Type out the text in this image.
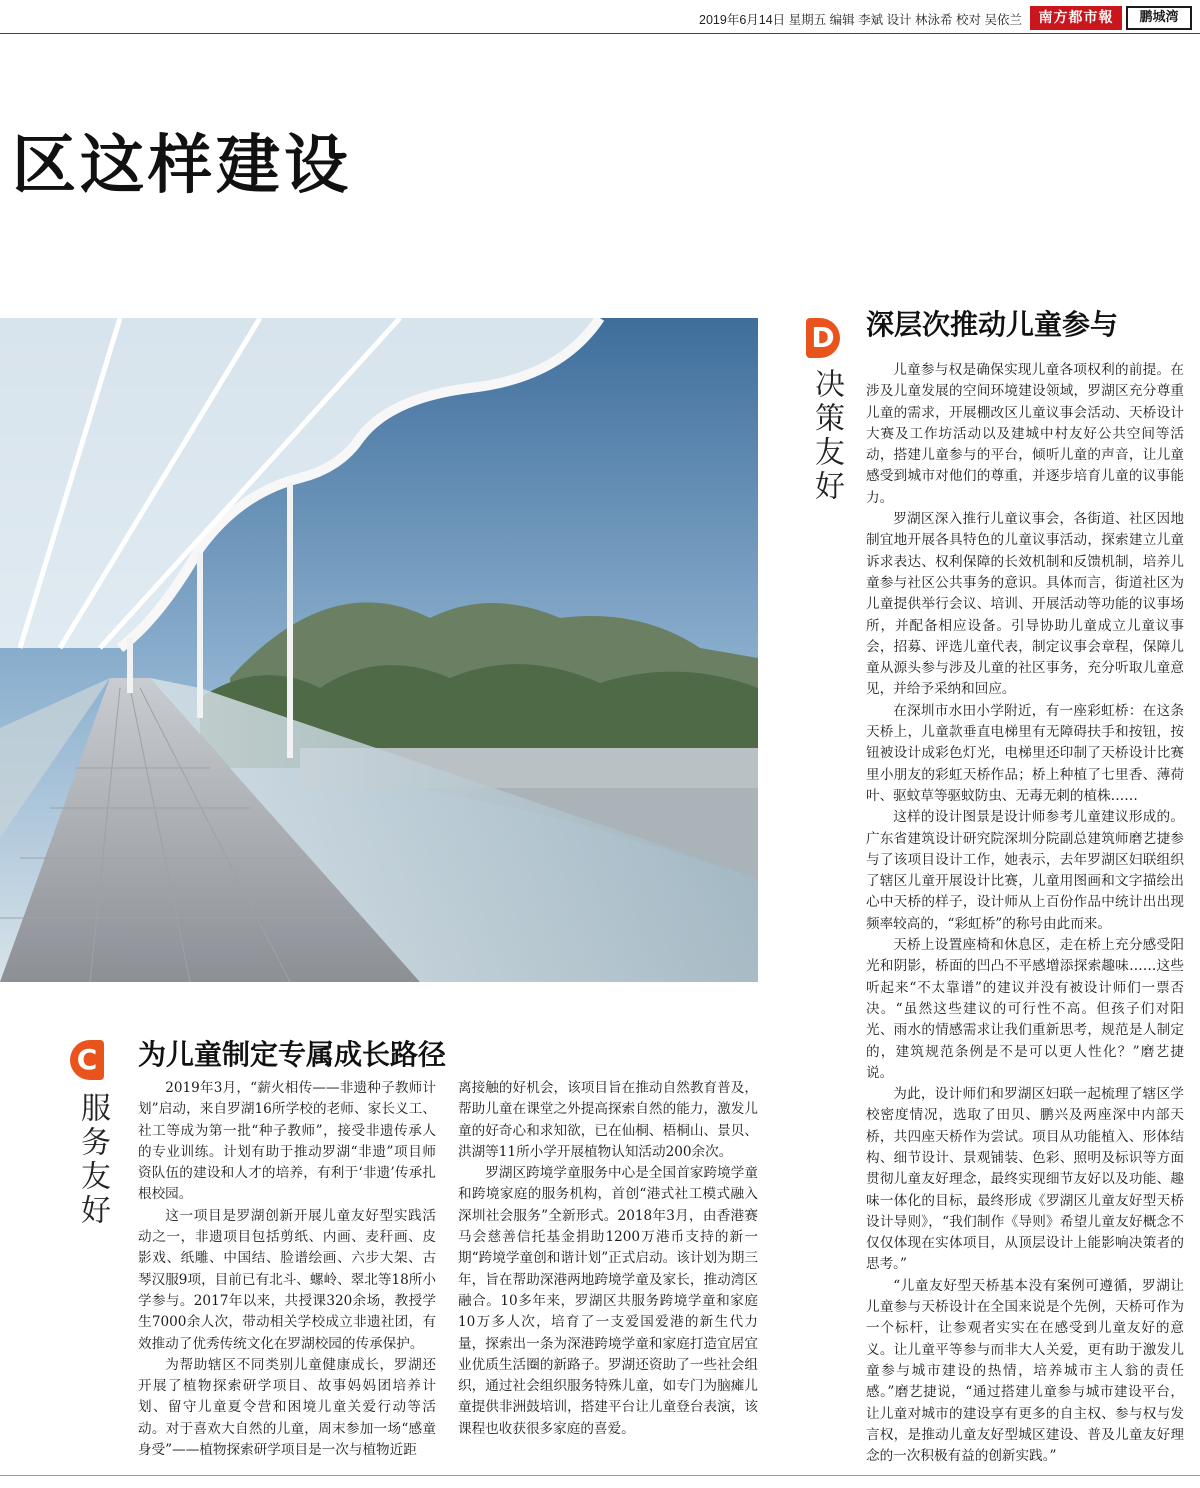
2019年6月14日 星期五 编辑 李斌 设计 林泳希 校对 吴依兰	南方都市報	鹏城湾
区这样建设
D
决策友好
深层次推动儿童参与

儿童参与权是确保实现儿童各项权利的前提。在涉及儿童发展的空间环境建设领域，罗湖区充分尊重儿童的需求，开展棚改区儿童议事会活动、天桥设计大赛及工作坊活动以及建城中村友好公共空间等活动，搭建儿童参与的平台，倾听儿童的声音，让儿童感受到城市对他们的尊重，并逐步培育儿童的议事能力。

罗湖区深入推行儿童议事会，各街道、社区因地制宜地开展各具特色的儿童议事活动，探索建立儿童诉求表达、权利保障的长效机制和反馈机制，培养儿童参与社区公共事务的意识。具体而言，街道社区为儿童提供举行会议、培训、开展活动等功能的议事场所，并配备相应设备。引导协助儿童成立儿童议事会，招募、评选儿童代表，制定议事会章程，保障儿童从源头参与涉及儿童的社区事务，充分听取儿童意见，并给予采纳和回应。

在深圳市水田小学附近，有一座彩虹桥：在这条天桥上，儿童款垂直电梯里有无障碍扶手和按钮，按钮被设计成彩色灯光，电梯里还印制了天桥设计比赛里小朋友的彩虹天桥作品；桥上种植了七里香、薄荷叶、驱蚊草等驱蚊防虫、无毒无刺的植株……

这样的设计图景是设计师参考儿童建议形成的。广东省建筑设计研究院深圳分院副总建筑师磨艺捷参与了该项目设计工作，她表示，去年罗湖区妇联组织了辖区儿童开展设计比赛，儿童用图画和文字描绘出心中天桥的样子，设计师从上百份作品中统计出出现频率较高的，“彩虹桥”的称号由此而来。

天桥上设置座椅和休息区，走在桥上充分感受阳光和阴影，桥面的凹凸不平感增添探索趣味……这些听起来“不太靠谱”的建议并没有被设计师们一票否决。“虽然这些建议的可行性不高。但孩子们对阳光、雨水的情感需求让我们重新思考，规范是人制定的，建筑规范条例是不是可以更人性化？”磨艺捷说。

为此，设计师们和罗湖区妇联一起梳理了辖区学校密度情况，选取了田贝、鹏兴及两座深中内部天桥，共四座天桥作为尝试。项目从功能植入、形体结构、细节设计、景观铺装、色彩、照明及标识等方面贯彻儿童友好理念，最终实现细节友好以及功能、趣味一体化的目标，最终形成《罗湖区儿童友好型天桥设计导则》，“我们制作《导则》希望儿童友好概念不仅仅体现在实体项目，从顶层设计上能影响决策者的思考。”

“儿童友好型天桥基本没有案例可遵循，罗湖让儿童参与天桥设计在全国来说是个先例，天桥可作为一个标杆，让参观者实实在在感受到儿童友好的意义。让儿童平等参与而非大人关爱，更有助于激发儿童参与城市建设的热情，培养城市主人翁的责任感。”磨艺捷说，“通过搭建儿童参与城市建设平台，让儿童对城市的建设享有更多的自主权、参与权与发言权，是推动儿童友好型城区建设、普及儿童友好理念的一次积极有益的创新实践。”

C
服务友好
为儿童制定专属成长路径

2019年3月，“薪火相传——非遗种子教师计划”启动，来自罗湖16所学校的老师、家长义工、社工等成为第一批“种子教师”，接受非遗传承人的专业训练。计划有助于推动罗湖“非遗”项目师资队伍的建设和人才的培养，有利于‘非遗’传承扎根校园。

这一项目是罗湖创新开展儿童友好型实践活动之一，非遗项目包括剪纸、内画、麦秆画、皮影戏、纸雕、中国结、脸谱绘画、六步大架、古琴汉服9项，目前已有北斗、螺岭、翠北等18所小学参与。2017年以来，共授课320余场，教授学生7000余人次，带动相关学校成立非遗社团，有效推动了优秀传统文化在罗湖校园的传承保护。

为帮助辖区不同类别儿童健康成长，罗湖还开展了植物探索研学项目、故事妈妈团培养计划、留守儿童夏令营和困境儿童关爱行动等活动。对于喜欢大自然的儿童，周末参加一场“感童身受”——植物探索研学项目是一次与植物近距

离接触的好机会，该项目旨在推动自然教育普及，帮助儿童在课堂之外提高探索自然的能力，激发儿童的好奇心和求知欲，已在仙桐、梧桐山、景贝、洪湖等11所小学开展植物认知活动200余次。

罗湖区跨境学童服务中心是全国首家跨境学童和跨境家庭的服务机构，首创“港式社工模式融入深圳社会服务”全新形式。2018年3月，由香港赛马会慈善信托基金捐助1200万港币支持的新一期“跨境学童创和谐计划”正式启动。该计划为期三年，旨在帮助深港两地跨境学童及家长，推动湾区融合。10多年来，罗湖区共服务跨境学童和家庭10万多人次，培育了一支爱国爱港的新生代力量，探索出一条为深港跨境学童和家庭打造宜居宜业优质生活圈的新路子。罗湖还资助了一些社会组织，通过社会组织服务特殊儿童，如专门为脑瘫儿童提供非洲鼓培训，搭建平台让儿童登台表演，该课程也收获很多家庭的喜爱。
